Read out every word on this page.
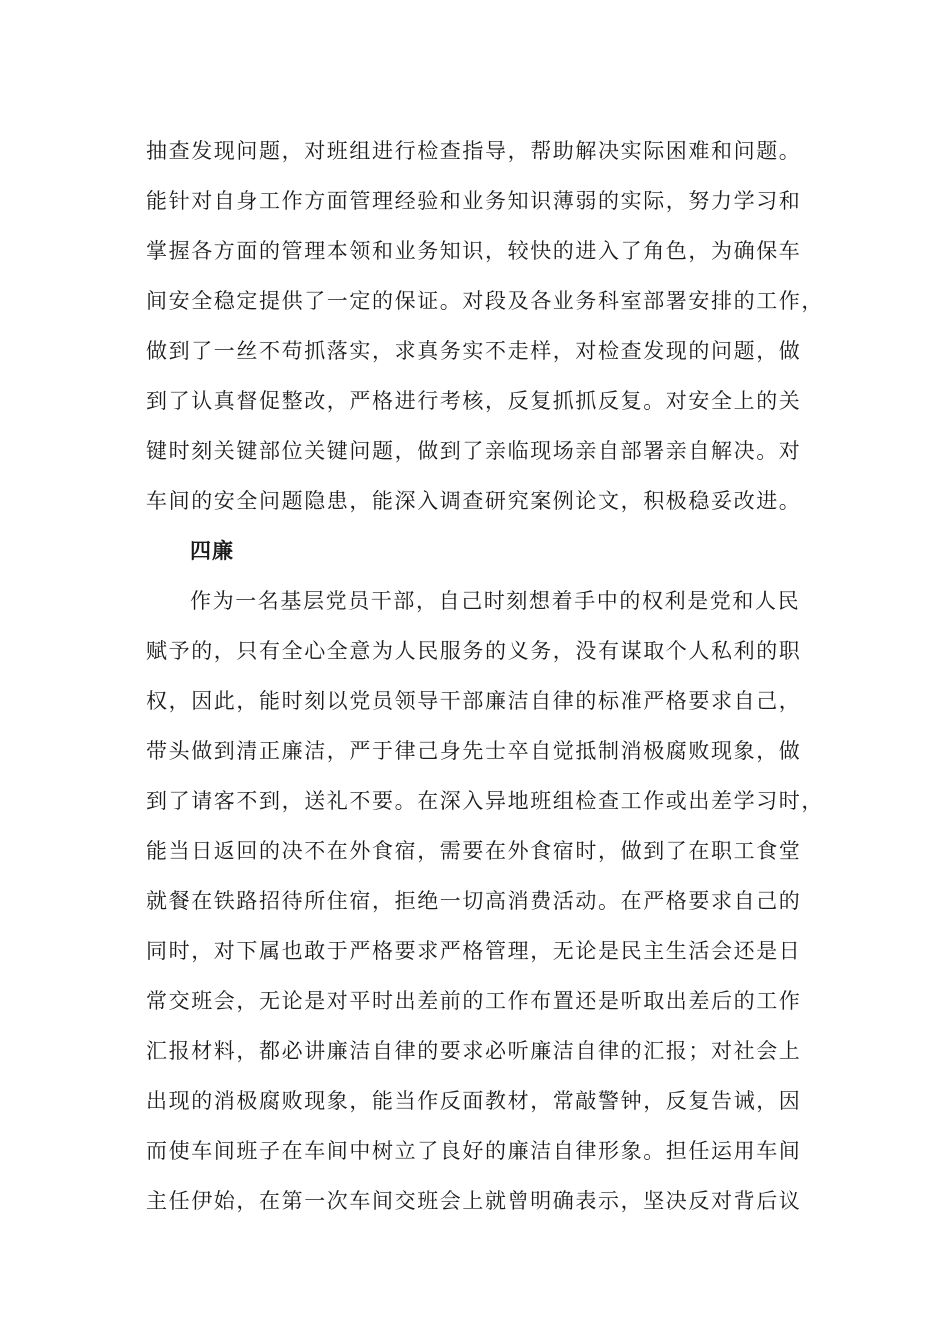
抽查发现问题，对班组进行检查指导，帮助解决实际困难和问题。
能针对自身工作方面管理经验和业务知识薄弱的实际，努力学习和
掌握各方面的管理本领和业务知识，较快的进入了角色，为确保车
间安全稳定提供了一定的保证。对段及各业务科室部署安排的工作，
做到了一丝不苟抓落实，求真务实不走样，对检查发现的问题，做
到了认真督促整改，严格进行考核，反复抓抓反复。对安全上的关
键时刻关键部位关键问题，做到了亲临现场亲自部署亲自解决。对
车间的安全问题隐患，能深入调查研究案例论文，积极稳妥改进。
四廉
作为一名基层党员干部，自己时刻想着手中的权利是党和人民
赋予的，只有全心全意为人民服务的义务，没有谋取个人私利的职
权，因此，能时刻以党员领导干部廉洁自律的标准严格要求自己，
带头做到清正廉洁，严于律己身先士卒自觉抵制消极腐败现象，做
到了请客不到，送礼不要。在深入异地班组检查工作或出差学习时，
能当日返回的决不在外食宿，需要在外食宿时，做到了在职工食堂
就餐在铁路招待所住宿，拒绝一切高消费活动。在严格要求自己的
同时，对下属也敢于严格要求严格管理，无论是民主生活会还是日
常交班会，无论是对平时出差前的工作布置还是听取出差后的工作
汇报材料，都必讲廉洁自律的要求必听廉洁自律的汇报；对社会上
出现的消极腐败现象，能当作反面教材，常敲警钟，反复告诫，因
而使车间班子在车间中树立了良好的廉洁自律形象。担任运用车间
主任伊始，在第一次车间交班会上就曾明确表示，坚决反对背后议
